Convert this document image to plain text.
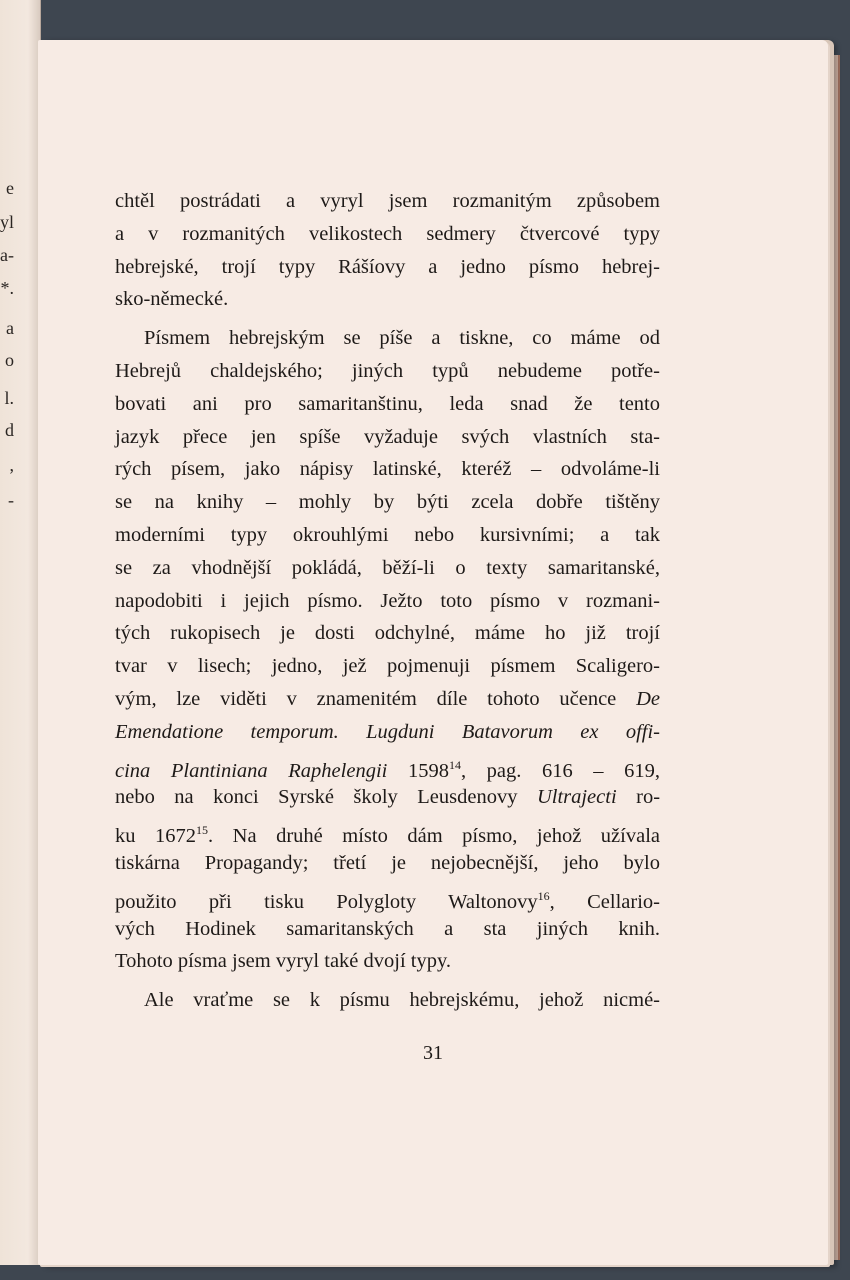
e
yl
a-
*.
a
o
l.
d
,
-
chtěl postrádati a vyryl jsem rozmanitým způsobem
a v rozmanitých velikostech sedmery čtvercové typy
hebrejské, trojí typy Rášíovy a jedno písmo hebrej-
sko-německé.
Písmem hebrejským se píše a tiskne, co máme od
Hebrejů chaldejského; jiných typů nebudeme potře-
bovati ani pro samaritanštinu, leda snad že tento
jazyk přece jen spíše vyžaduje svých vlastních sta-
rých písem, jako nápisy latinské, kteréž – odvoláme-li
se na knihy – mohly by býti zcela dobře tištěny
moderními typy okrouhlými nebo kursivními; a tak
se za vhodnější pokládá, běží-li o texty samaritanské,
napodobiti i jejich písmo. Ježto toto písmo v rozmani-
tých rukopisech je dosti odchylné, máme ho již trojí
tvar v lisech; jedno, jež pojmenuji písmem Scaligero-
vým, lze viděti v znamenitém díle tohoto učence De
Emendatione temporum. Lugduni Batavorum ex offi-
cina Plantiniana Raphelengii 1598$^{14}$, pag. 616 – 619,
nebo na konci Syrské školy Leusdenovy Ultrajecti ro-
ku 1672$^{15}$. Na druhé místo dám písmo, jehož užívala
tiskárna Propagandy; třetí je nejobecnější, jeho bylo
použito při tisku Polygloty Waltonovy$^{16}$, Cellario-
vých Hodinek samaritanských a sta jiných knih.
Tohoto písma jsem vyryl také dvojí typy.
Ale vraťme se k písmu hebrejskému, jehož nicmé-
31
